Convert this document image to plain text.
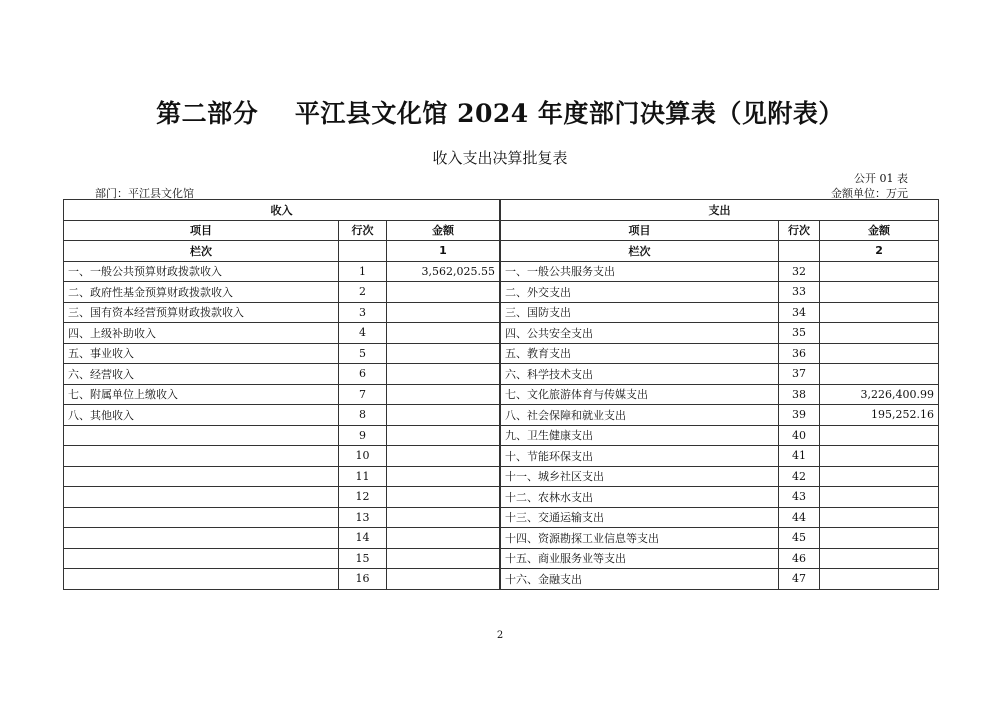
第二部分    平江县文化馆 2024 年度部门决算表（见附表）
收入支出决算批复表
公开 01 表
部门：平江县文化馆	金额单位：万元
收入			支出		
项目	行次	金额		项目	行次	金额
栏次		1		栏次		2
一、一般公共预算财政拨款收入	1	3,562,025.55		一、一般公共服务支出	32	
二、政府性基金预算财政拨款收入	2			二、外交支出	33	
三、国有资本经营预算财政拨款收入	3			三、国防支出	34	
四、上级补助收入	4			四、公共安全支出	35	
五、事业收入	5			五、教育支出	36	
六、经营收入	6			六、科学技术支出	37	
七、附属单位上缴收入	7			七、文化旅游体育与传媒支出	38	3,226,400.99
八、其他收入	8			八、社会保障和就业支出	39	195,252.16
	9			九、卫生健康支出	40	
	10			十、节能环保支出	41	
	11			十一、城乡社区支出	42	
	12			十二、农林水支出	43	
	13			十三、交通运输支出	44	
	14			十四、资源勘探工业信息等支出	45	
	15			十五、商业服务业等支出	46	
	16			十六、金融支出	47	
2
